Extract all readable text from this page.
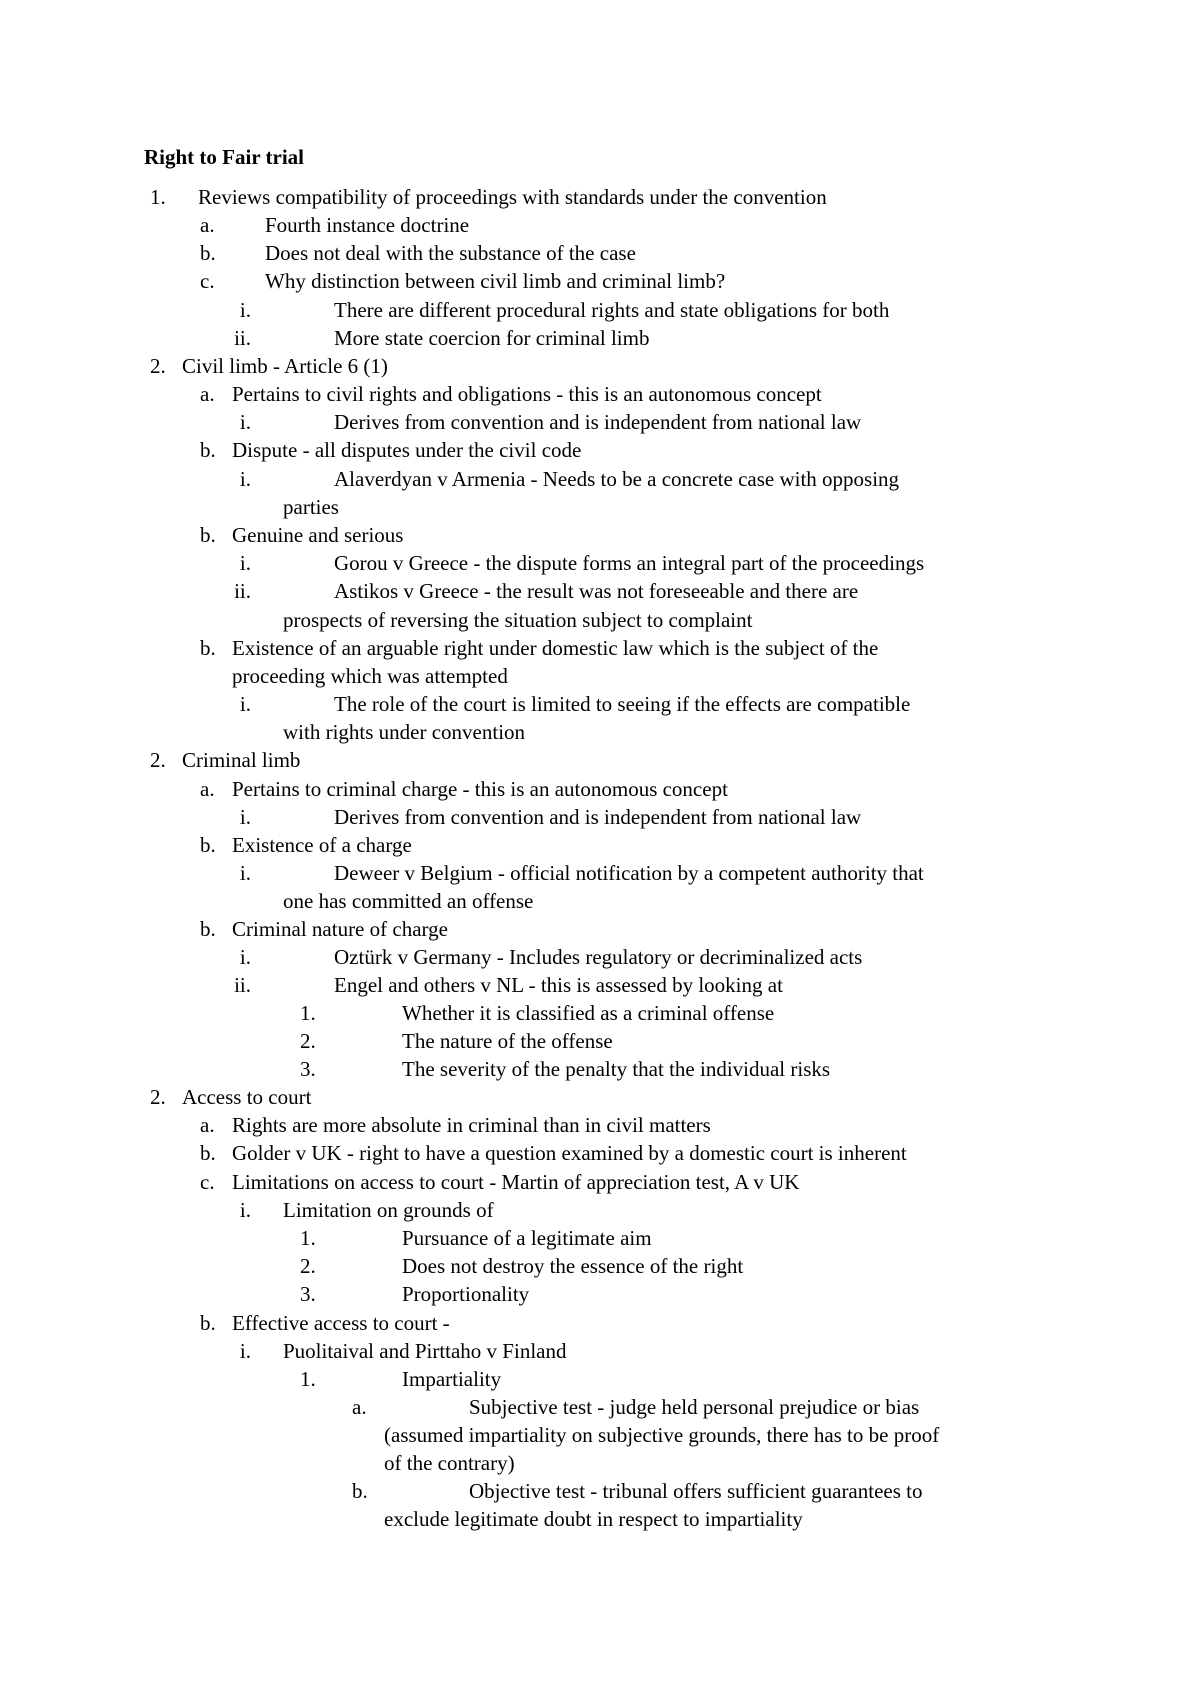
Right to Fair trial
1. Reviews compatibility of proceedings with standards under the convention
a. Fourth instance doctrine
b. Does not deal with the substance of the case
c. Why distinction between civil limb and criminal limb?
i.	There are different procedural rights and state obligations for both
ii.	More state coercion for criminal limb
2. Civil limb - Article 6 (1)
a. Pertains to civil rights and obligations - this is an autonomous concept
i.	Derives from convention and is independent from national law
b. Dispute - all disputes under the civil code
i.	Alaverdyan v Armenia - Needs to be a concrete case with opposing
parties
b. Genuine and serious
i.	Gorou v Greece - the dispute forms an integral part of the proceedings
ii.	Astikos v Greece - the result was not foreseeable and there are
prospects of reversing the situation subject to complaint
b. Existence of an arguable right under domestic law which is the subject of the
proceeding which was attempted
i.	The role of the court is limited to seeing if the effects are compatible
with rights under convention
2. Criminal limb
a. Pertains to criminal charge - this is an autonomous concept
i.	Derives from convention and is independent from national law
b. Existence of a charge
i.	Deweer v Belgium - official notification by a competent authority that
one has committed an offense
b. Criminal nature of charge
i.	Oztürk v Germany - Includes regulatory or decriminalized acts
ii.	Engel and others v NL - this is assessed by looking at
1.	Whether it is classified as a criminal offense
2.	The nature of the offense
3.	The severity of the penalty that the individual risks
2. Access to court
a. Rights are more absolute in criminal than in civil matters
b. Golder v UK - right to have a question examined by a domestic court is inherent
c. Limitations on access to court - Martin of appreciation test, A v UK
i. Limitation on grounds of
1.	Pursuance of a legitimate aim
2.	Does not destroy the essence of the right
3.	Proportionality
b. Effective access to court -
i. Puolitaival and Pirttaho v Finland
1.	Impartiality
a.	Subjective test - judge held personal prejudice or bias
(assumed impartiality on subjective grounds, there has to be proof
of the contrary)
b.	Objective test - tribunal offers sufficient guarantees to
exclude legitimate doubt in respect to impartiality
